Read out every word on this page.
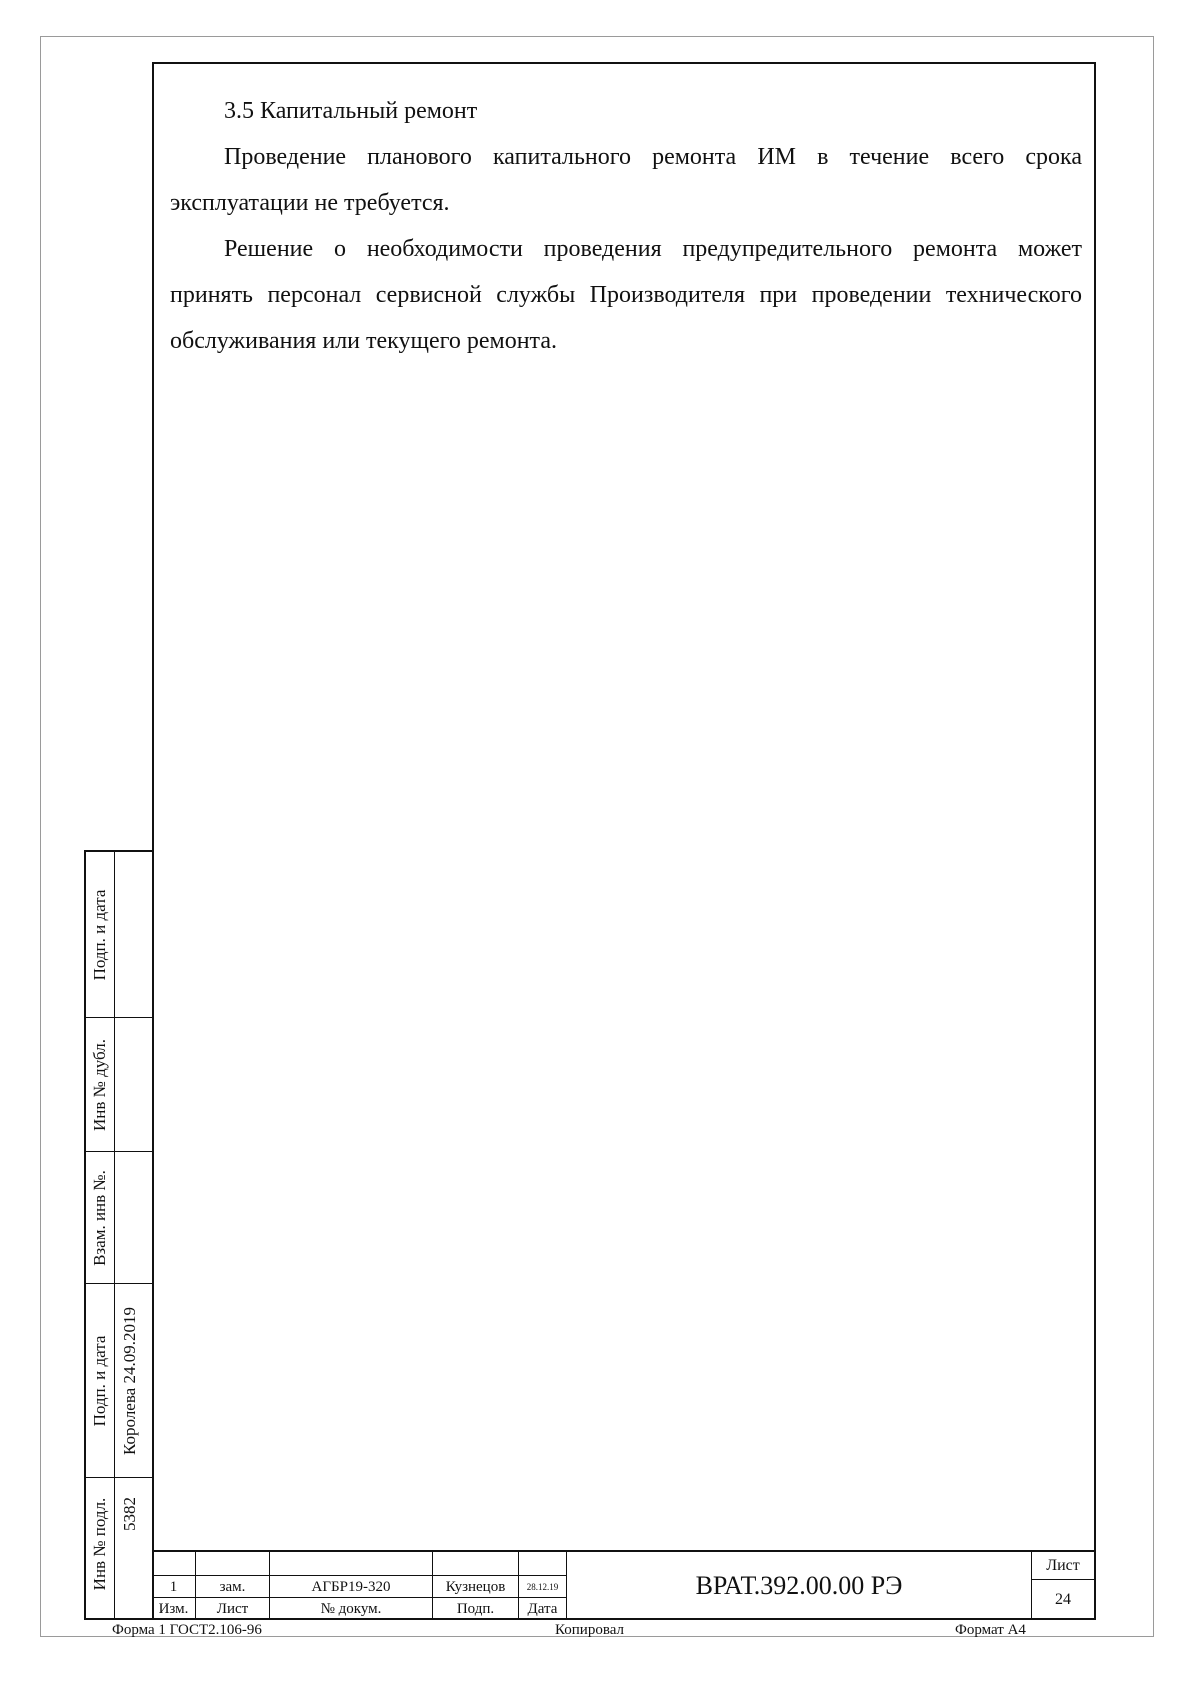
3.5 Капитальный ремонт

Проведение планового капитального ремонта ИМ в течение всего срока эксплуатации не требуется.

Решение о необходимости проведения предупредительного ремонта может принять персонал сервисной службы Производителя при проведении технического обслуживания или текущего ремонта.

Подп. и дата
Инв № дубл.
Взам. инв №.
Подп. и дата Королева 24.09.2019
Инв № подл. 5382
1	зам.	АГБР19-320	Кузнецов	28.12.19
Изм.	Лист	№ докум.	Подп.	Дата
ВРАТ.392.00.00 РЭ
Лист
24
Форма 1 ГОСТ2.106-96	Копировал	Формат А4
